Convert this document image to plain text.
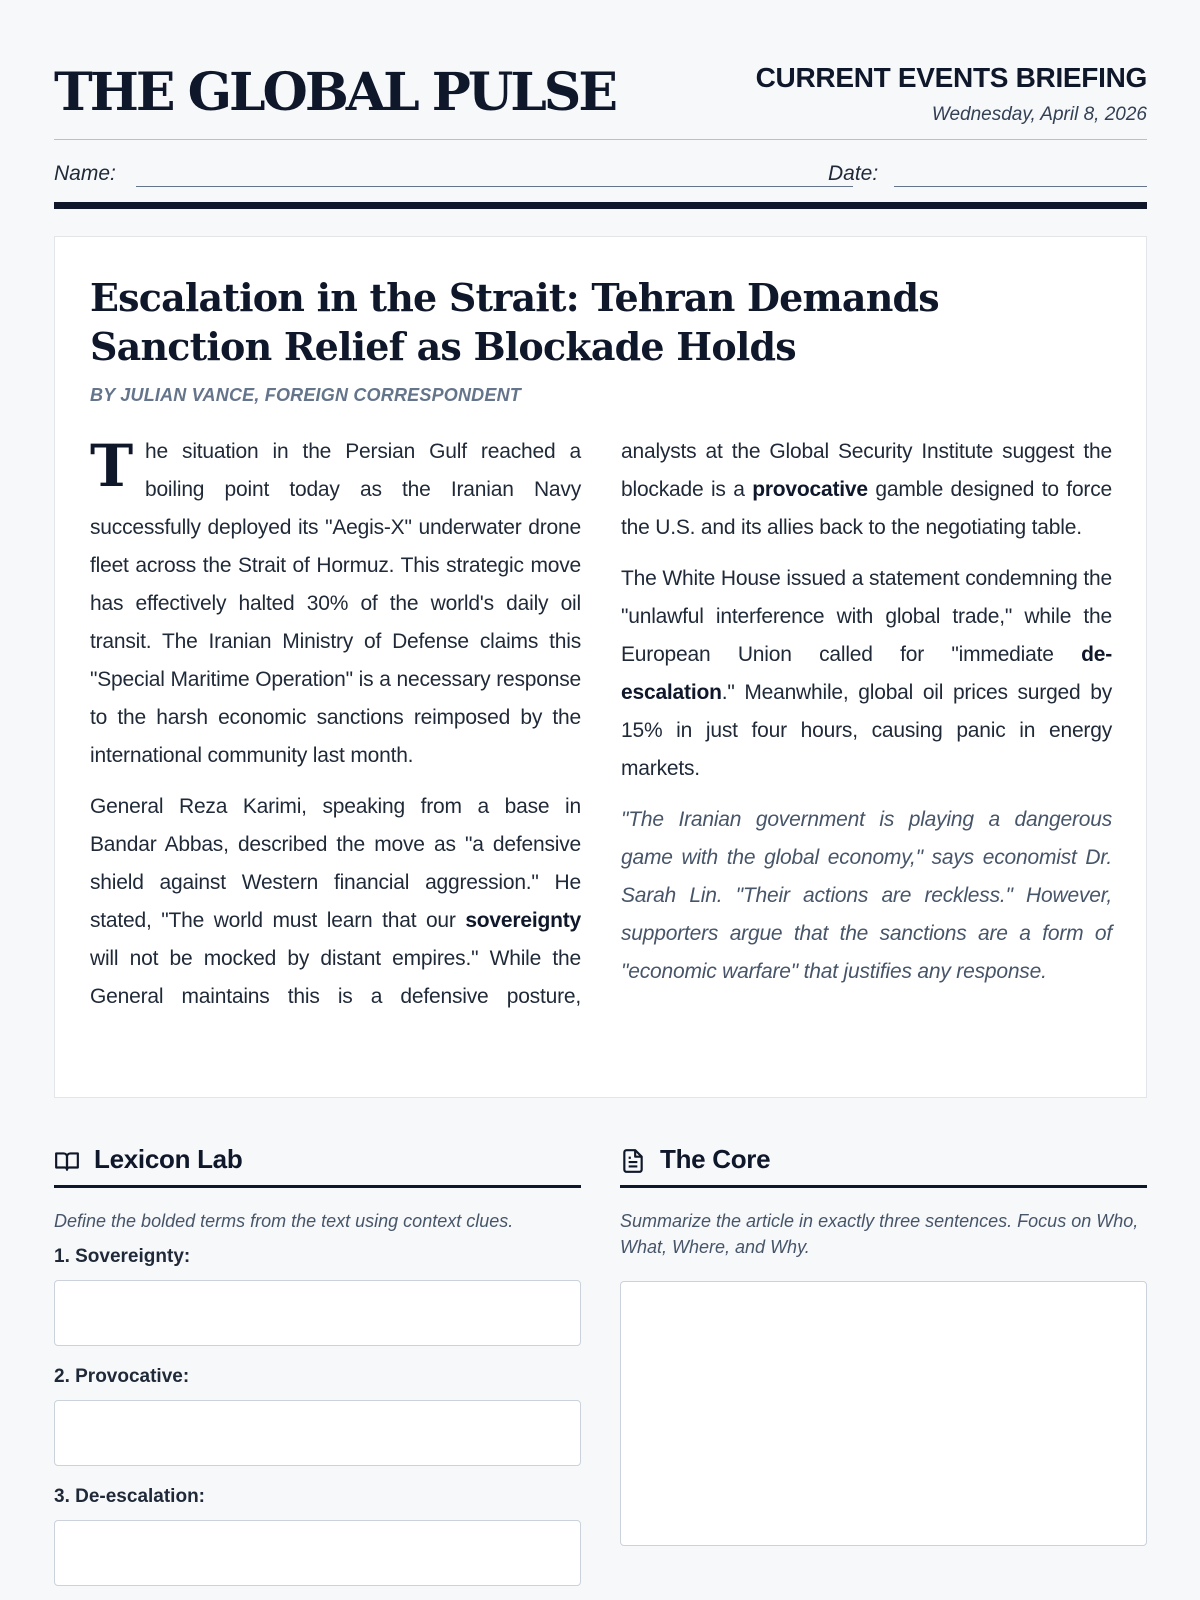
THE GLOBAL PULSE	CURRENT EVENTS BRIEFING
Wednesday, April 8, 2026
Name:	Date:
Escalation in the Strait: Tehran Demands Sanction Relief as Blockade Holds
BY JULIAN VANCE, FOREIGN CORRESPONDENT

The situation in the Persian Gulf reached a boiling point today as the Iranian Navy successfully deployed its "Aegis-X" underwater drone fleet across the Strait of Hormuz. This strategic move has effectively halted 30% of the world's daily oil transit. The Iranian Ministry of Defense claims this "Special Maritime Operation" is a necessary response to the harsh economic sanctions reimposed by the international community last month.

General Reza Karimi, speaking from a base in Bandar Abbas, described the move as "a defensive shield against Western financial aggression." He stated, "The world must learn that our sovereignty will not be mocked by distant empires." While the General maintains this is a defensive posture,

analysts at the Global Security Institute suggest the blockade is a provocative gamble designed to force the U.S. and its allies back to the negotiating table.

The White House issued a statement condemning the "unlawful interference with global trade," while the European Union called for "immediate de-escalation." Meanwhile, global oil prices surged by 15% in just four hours, causing panic in energy markets.

"The Iranian government is playing a dangerous game with the global economy," says economist Dr. Sarah Lin. "Their actions are reckless." However, supporters argue that the sanctions are a form of "economic warfare" that justifies any response.

Lexicon Lab
Define the bolded terms from the text using context clues.
1. Sovereignty:
2. Provocative:
3. De-escalation:
The Core
Summarize the article in exactly three sentences. Focus on Who, What, Where, and Why.
